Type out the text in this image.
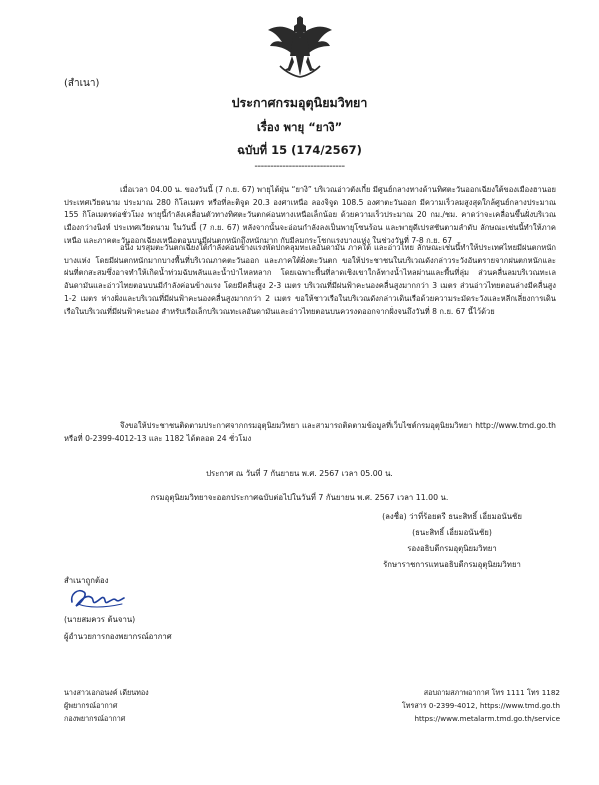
(สำเนา)
ประกาศกรมอุตุนิยมวิทยา
เรื่อง พายุ “ยางิ”
ฉบับที่ 15 (174/2567)
-----------------------------
เมื่อเวลา 04.00 น. ของวันนี้ (7 ก.ย. 67) พายุไต้ฝุ่น “ยางิ” บริเวณอ่าวตังเกี๋ย มีศูนย์กลางทางด้านทิศตะวันออกเฉียงใต้ของเมืองฮานอย ประเทศเวียดนาม ประมาณ 280 กิโลเมตร หรือที่ละติจูด 20.3 องศาเหนือ ลองจิจูด 108.5 องศาตะวันออก มีความเร็วลมสูงสุดใกล้ศูนย์กลางประมาณ 155 กิโลเมตรต่อชั่วโมง พายุนี้กำลังเคลื่อนตัวทางทิศตะวันตกค่อนทางเหนือเล็กน้อย ด้วยความเร็วประมาณ 20 กม./ชม. คาดว่าจะเคลื่อนขึ้นฝั่งบริเวณเมืองกว่างนิงห์ ประเทศเวียดนาม ในวันนี้ (7 ก.ย. 67) หลังจากนั้นจะอ่อนกำลังลงเป็นพายุโซนร้อน และพายุดีเปรสชันตามลำดับ ลักษณะเช่นนี้ทำให้ภาคเหนือ และภาคตะวันออกเฉียงเหนือตอนบนมีฝนตกหนักถึงหนักมาก กับมีลมกระโชกแรงบางแห่ง ในช่วงวันที่ 7-8 ก.ย. 67
อนึ่ง มรสุมตะวันตกเฉียงใต้กำลังค่อนข้างแรงพัดปกคลุมทะเลอันดามัน ภาคใต้ และอ่าวไทย ลักษณะเช่นนี้ทำให้ประเทศไทยมีฝนตกหนักบางแห่ง โดยมีฝนตกหนักมากบางพื้นที่บริเวณภาคตะวันออก และภาคใต้ฝั่งตะวันตก ขอให้ประชาชนในบริเวณดังกล่าวระวังอันตรายจากฝนตกหนักและฝนที่ตกสะสมซึ่งอาจทำให้เกิดน้ำท่วมฉับพลันและน้ำป่าไหลหลาก โดยเฉพาะพื้นที่ลาดเชิงเขาใกล้ทางน้ำไหลผ่านและพื้นที่ลุ่ม ส่วนคลื่นลมบริเวณทะเลอันดามันและอ่าวไทยตอนบนมีกำลังค่อนข้างแรง โดยมีคลื่นสูง 2-3 เมตร บริเวณที่มีฝนฟ้าคะนองคลื่นสูงมากกว่า 3 เมตร ส่วนอ่าวไทยตอนล่างมีคลื่นสูง 1-2 เมตร ห่างฝั่งและบริเวณที่มีฝนฟ้าคะนองคลื่นสูงมากกว่า 2 เมตร ขอให้ชาวเรือในบริเวณดังกล่าวเดินเรือด้วยความระมัดระวังและหลีกเลี่ยงการเดินเรือในบริเวณที่มีฝนฟ้าคะนอง สำหรับเรือเล็กบริเวณทะเลอันดามันและอ่าวไทยตอนบนควรงดออกจากฝั่งจนถึงวันที่ 8 ก.ย. 67 นี้ไว้ด้วย
จึงขอให้ประชาชนติดตามประกาศจากกรมอุตุนิยมวิทยา และสามารถติดตามข้อมูลที่เว็บไซต์กรมอุตุนิยมวิทยา http://www.tmd.go.th หรือที่ 0-2399-4012-13 และ 1182 ได้ตลอด 24 ชั่วโมง
ประกาศ ณ วันที่ 7 กันยายน พ.ศ. 2567 เวลา 05.00 น.
กรมอุตุนิยมวิทยาจะออกประกาศฉบับต่อไปในวันที่ 7 กันยายน พ.ศ. 2567 เวลา 11.00 น.
(ลงชื่อ) ว่าที่ร้อยตรี ธนะสิทธิ์ เอี่ยมอนันชัย
(ธนะสิทธิ์ เอี่ยมอนันชัย)
รองอธิบดีกรมอุตุนิยมวิทยา
รักษาราชการแทนอธิบดีกรมอุตุนิยมวิทยา
สำเนาถูกต้อง
(นายสมควร ต้นจาน)
ผู้อำนวยการกองพยากรณ์อากาศ
นางสาวเอกอนงค์ เดียนทอง
ผู้พยากรณ์อากาศ
กองพยากรณ์อากาศ
สอบถามสภาพอากาศ โทร 1111 โทร 1182
โทรสาร 0-2399-4012, https://www.tmd.go.th
https://www.metalarm.tmd.go.th/service
